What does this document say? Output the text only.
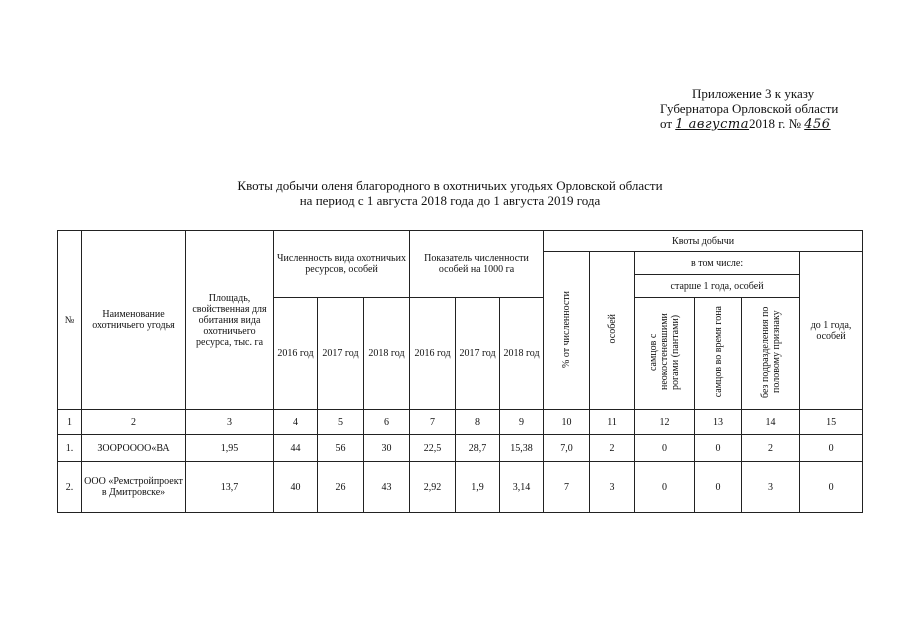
Приложение 3 к указу
Губернатора Орловской области
от 1 августа2018 г. № 456
Квоты добычи оленя благородного в охотничьих угодьях Орловской области
на период с 1 августа 2018 года до 1 августа 2019 года
№	Наименование охотничьего угодья	Площадь, свойственная для обитания вида охотничьего ресурса, тыс. га	Численность вида охотничьих ресурсов, особей			Показатель численности особей на 1000 га			Квоты добычи					
									% от численности	особей	в том числе:			до 1 года, особей
											старше 1 года, особей			
			2016 год	2017 год	2018 год	2016 год	2017 год	2018 год			самцов с неокостеневшими рогами (пантами)	самцов во время гона	без подразделения по половому признаку	
1	2	3	4	5	6	7	8	9	10	11	12	13	14	15
1.	ЗООРОООО«ВА	1,95	44	56	30	22,5	28,7	15,38	7,0	2	0	0	2	0
2.	ООО «Ремстройпроект в Дмитровске»	13,7	40	26	43	2,92	1,9	3,14	7	3	0	0	3	0
